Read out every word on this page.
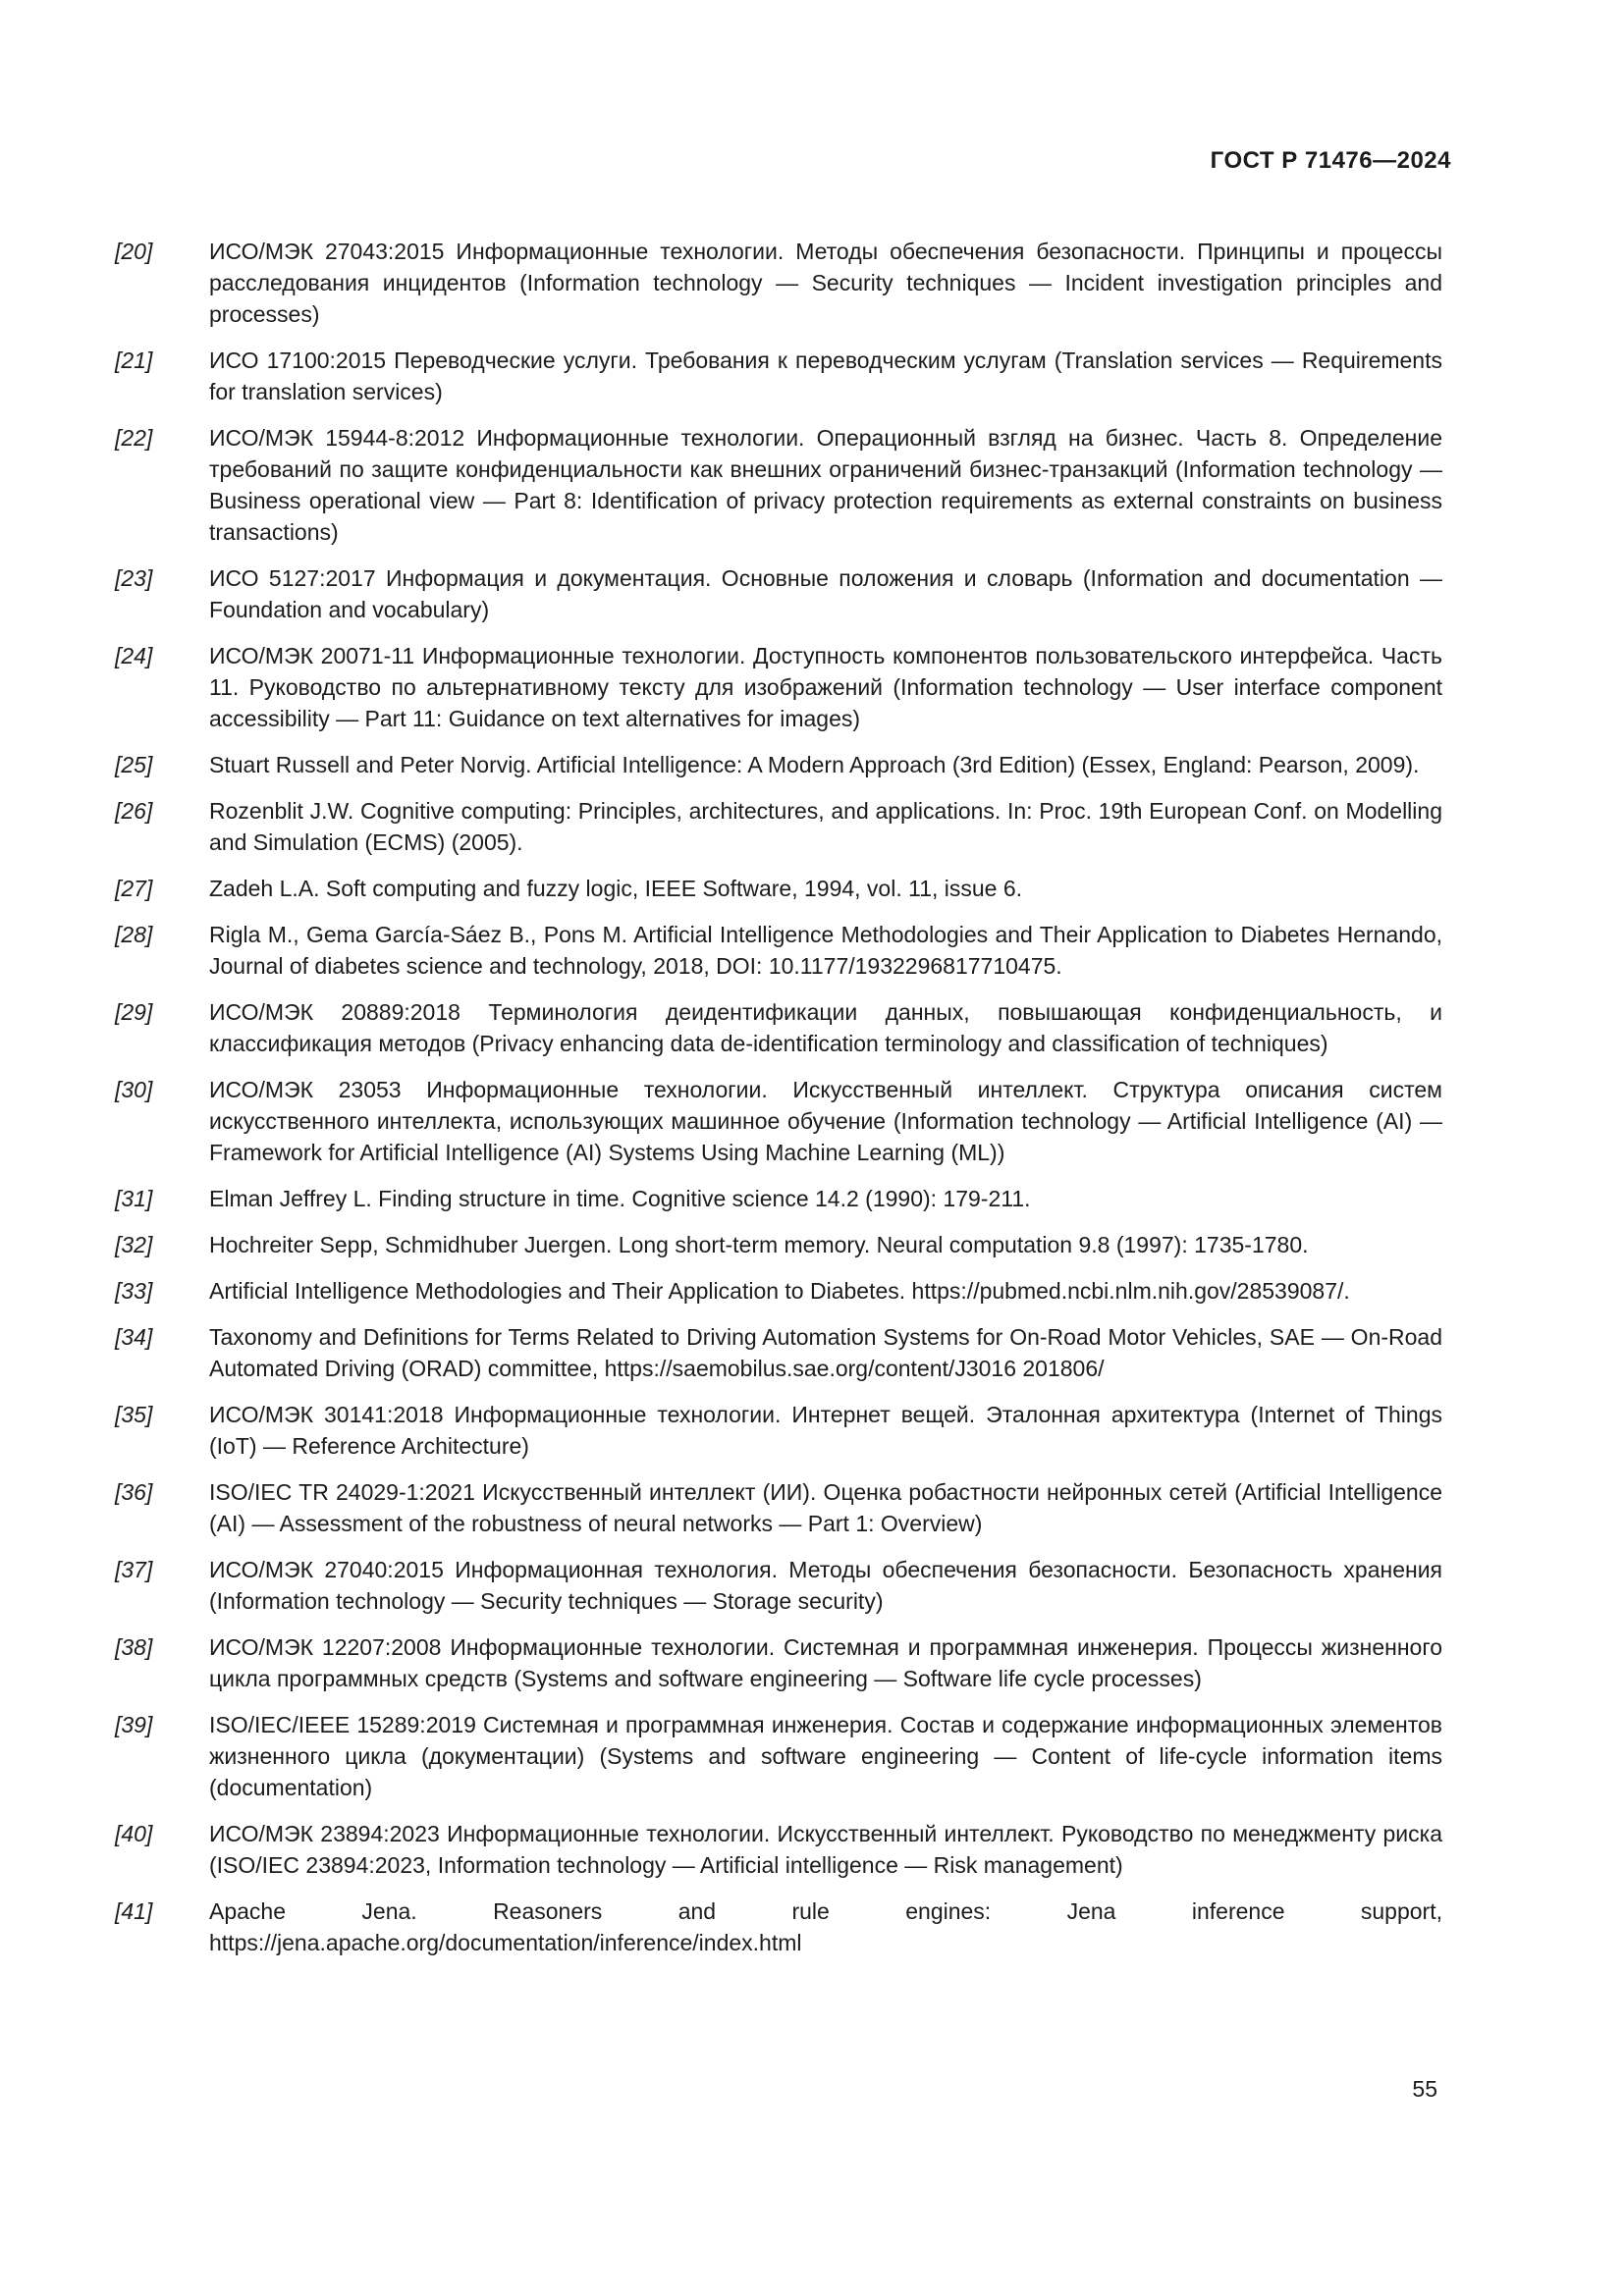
ГОСТ Р 71476—2024
[20]	ИСО/МЭК 27043:2015 Информационные технологии. Методы обеспечения безопасности. Принципы и процессы расследования инцидентов (Information technology — Security techniques — Incident investigation principles and processes)
[21]	ИСО 17100:2015 Переводческие услуги. Требования к переводческим услугам (Translation services — Requirements for translation services)
[22]	ИСО/МЭК 15944-8:2012 Информационные технологии. Операционный взгляд на бизнес. Часть 8. Определение требований по защите конфиденциальности как внешних ограничений бизнес-транзакций (Information technology — Business operational view — Part 8: Identification of privacy protection requirements as external constraints on business transactions)
[23]	ИСО 5127:2017 Информация и документация. Основные положения и словарь (Information and documentation — Foundation and vocabulary)
[24]	ИСО/МЭК 20071-11 Информационные технологии. Доступность компонентов пользовательского интерфейса. Часть 11. Руководство по альтернативному тексту для изображений (Information technology — User interface component accessibility — Part 11: Guidance on text alternatives for images)
[25]	Stuart Russell and Peter Norvig. Artificial Intelligence: A Modern Approach (3rd Edition) (Essex, England: Pearson, 2009).
[26]	Rozenblit J.W. Cognitive computing: Principles, architectures, and applications. In: Proc. 19th European Conf. on Modelling and Simulation (ECMS) (2005).
[27]	Zadeh L.A. Soft computing and fuzzy logic, IEEE Software, 1994, vol. 11, issue 6.
[28]	Rigla M., Gema García-Sáez B., Pons M. Artificial Intelligence Methodologies and Their Application to Diabetes Hernando, Journal of diabetes science and technology, 2018, DOI: 10.1177/1932296817710475.
[29]	ИСО/МЭК 20889:2018 Терминология деидентификации данных, повышающая конфиденциальность, и классификация методов (Privacy enhancing data de-identification terminology and classification of techniques)
[30]	ИСО/МЭК 23053 Информационные технологии. Искусственный интеллект. Структура описания систем искусственного интеллекта, использующих машинное обучение (Information technology — Artificial Intelligence (AI) — Framework for Artificial Intelligence (AI) Systems Using Machine Learning (ML))
[31]	Elman Jeffrey L. Finding structure in time. Cognitive science 14.2 (1990): 179-211.
[32]	Hochreiter Sepp, Schmidhuber Juergen. Long short-term memory. Neural computation 9.8 (1997): 1735-1780.
[33]	Artificial Intelligence Methodologies and Their Application to Diabetes. https://pubmed.ncbi.nlm.nih.gov/28539087/.
[34]	Taxonomy and Definitions for Terms Related to Driving Automation Systems for On-Road Motor Vehicles, SAE — On-Road Automated Driving (ORAD) committee, https://saemobilus.sae.org/content/J3016 201806/
[35]	ИСО/МЭК 30141:2018 Информационные технологии. Интернет вещей. Эталонная архитектура (Internet of Things (IoT) — Reference Architecture)
[36]	ISO/IEC TR 24029-1:2021 Искусственный интеллект (ИИ). Оценка робастности нейронных сетей (Artificial Intelligence (AI) — Assessment of the robustness of neural networks — Part 1: Overview)
[37]	ИСО/МЭК 27040:2015 Информационная технология. Методы обеспечения безопасности. Безопасность хранения (Information technology — Security techniques — Storage security)
[38]	ИСО/МЭК 12207:2008 Информационные технологии. Системная и программная инженерия. Процессы жизненного цикла программных средств (Systems and software engineering — Software life cycle processes)
[39]	ISO/IEC/IEEE 15289:2019 Системная и программная инженерия. Состав и содержание информационных элементов жизненного цикла (документации) (Systems and software engineering — Content of life-cycle information items (documentation)
[40]	ИСО/МЭК 23894:2023 Информационные технологии. Искусственный интеллект. Руководство по менеджменту риска (ISO/IEC 23894:2023, Information technology — Artificial intelligence — Risk management)
[41]	Apache Jena. Reasoners and rule engines: Jena inference support, https://jena.apache.org/documentation/inference/index.html
55
